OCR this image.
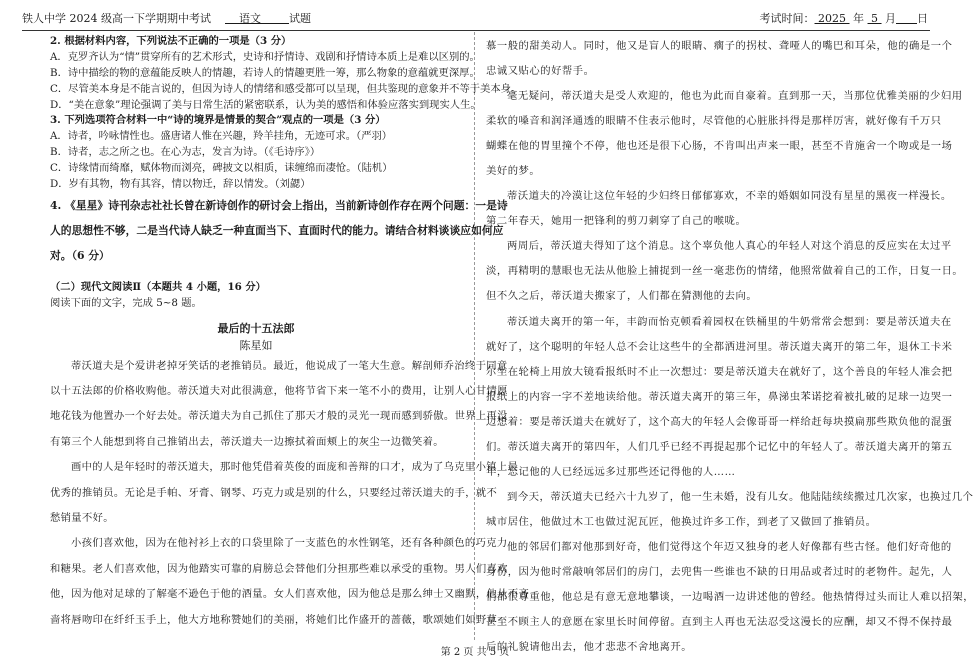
铁人中学 2024 级高一下学期期中考试	语文	试题	考试时间： 2025  年  5  月 日
2. 根据材料内容，下列说法不正确的一项是（3 分）
A．克罗齐认为“情”贯穿所有的艺术形式，史诗和抒情诗、戏剧和抒情诗本质上是难以区别的。
B．诗中描绘的物的意蕴能反映人的情趣，若诗人的情趣更胜一筹，那么物象的意蕴就更深厚。
C．尽管美本身是不能言说的，但因为诗人的情绪和感受都可以呈现，但共鉴现的意象并不等于美本身。
D．“美在意象”理论强调了美与日常生活的紧密联系，认为美的感悟和体验应落实到现实人生。
3. 下列选项符合材料一中“诗的境界是情景的契合”观点的一项是（3 分）
A．诗者，吟咏情性也。盛唐诸人惟在兴趣，羚羊挂角，无迹可求。（严羽）
B．诗者，志之所之也。在心为志，发言为诗。（《毛诗序》）
C．诗缘情而绮靡，赋体物而浏亮，碑披文以相质，诔缠绵而凄怆。（陆机）
D．岁有其物，物有其容，情以物迁，辞以情发。（刘勰）
4. 《星星》诗刊杂志社社长曾在新诗创作的研讨会上指出，当前新诗创作存在两个问题：一是诗
人的思想性不够，二是当代诗人缺乏一种直面当下、直面时代的能力。请结合材料谈谈应如何应
对。（6 分）
（二）现代文阅读Ⅱ（本题共 4 小题，16 分）
阅读下面的文字，完成 5~8 题。
最后的十五法郎
陈星如
蒂沃道夫是个爱讲老掉牙笑话的老推销员。最近，他说成了一笔大生意。解剖师乔治终于同意
以十五法郎的价格收购他。蒂沃道夫对此很满意，他将节省下来一笔不小的费用，让别人心甘情愿
地花钱为他置办一个好去处。蒂沃道夫为自己抓住了那天才般的灵光一现而感到骄傲。世界上再没
有第三个人能想到将自己推销出去，蒂沃道夫一边擦拭着面颊上的灰尘一边微笑着。
画中的人是年轻时的蒂沃道夫，那时他凭借着英俊的面庞和善辩的口才，成为了乌克里小镇上最
优秀的推销员。无论是手帕、牙膏、钢琴、巧克力或是别的什么，只要经过蒂沃道夫的手，就不
愁销量不好。
小孩们喜欢他，因为在他衬衫上衣的口袋里除了一支蓝色的水性钢笔，还有各种颜色的巧克力
和糖果。老人们喜欢他，因为他踏实可靠的肩膀总会替他们分担那些难以承受的重物。男人们喜欢
他，因为他对足球的了解毫不逊色于他的酒量。女人们喜欢他，因为他总是那么绅士又幽默，他从不吝
啬将唇吻印在纤纤玉手上，他大方地称赞她们的美丽，将她们比作盛开的蔷薇，歌颂她们如野草
慕一般的甜美动人。同时，他又是盲人的眼睛、瘸子的拐杖、聋哑人的嘴巴和耳朵，他的确是一个
忠诚又贴心的好帮手。
毫无疑问，蒂沃道夫是受人欢迎的，他也为此而自豪着。直到那一天，当那位优雅美丽的少妇用
柔软的嗓音和润泽通透的眼睛不住表示他时，尽管他的心脏胀抖得是那样厉害，就好像有千万只
蝴蝶在他的胃里撞个不停，他也还是很下心肠，不肯叫出声来一眼，甚至不肯施舍一个吻或是一场
美好的梦。
蒂沃道夫的冷漠让这位年轻的少妇终日郁郁寡欢，不幸的婚姻如同没有星星的黑夜一样漫长。
第二年春天，她用一把锋利的剪刀刺穿了自己的喉咙。
两周后，蒂沃道夫得知了这个消息。这个辜负他人真心的年轻人对这个消息的反应实在太过平
淡，再精明的慧眼也无法从他脸上捕捉到一丝一毫悲伤的情绪，他照常做着自己的工作，日复一日。
但不久之后，蒂沃道夫搬家了，人们都在猜测他的去向。
蒂沃道夫离开的第一年，丰韵而怡克顿看着园权在铁桶里的牛奶常常会想到：要是蒂沃道夫在
就好了，这个聪明的年轻人总不会让这些牛的全都洒进河里。蒂沃道夫离开的第二年，退休工卡米
尔坐在轮椅上用放大镜看报纸时不止一次想过：要是蒂沃道夫在就好了，这个善良的年轻人准会把
报纸上的内容一字不差地读给他。蒂沃道夫离开的第三年，鼻涕虫苯诺挖着被扎破的足球一边哭一
边想着：要是蒂沃道夫在就好了，这个高大的年轻人会像哥哥一样给赶每块摸扁那些欺负他的混蛋
们。蒂沃道夫离开的第四年，人们几乎已经不再提起那个记忆中的年轻人了。蒂沃道夫离开的第五
年，忘记他的人已经远远多过那些还记得他的人……
到今天，蒂沃道夫已经六十九岁了，他一生未婚，没有儿女。他陆陆续续搬过几次家，也换过几个
城市居住，他做过木工也做过泥瓦匠，他换过许多工作，到老了又做回了推销员。
他的邻居们都对他那到好奇，他们觉得这个年迈又独身的老人好像都有些古怪。他们好奇他的
身份，因为他时常敲响邻居们的房门，去兜售一些谁也不缺的日用品或者过时的老物件。起先，人
们都很尊重他，他总是有意无意地攀谈，一边喝酒一边讲述他的曾经。他热情得过头而让人难以招架，
甚至不顾主人的意愿在家里长时间停留。直到主人再也无法忍受这漫长的应酬，却又不得不保持最
后的礼貌请他出去，他才悲悲不舍地离开。
第 2 页 共 5 页
